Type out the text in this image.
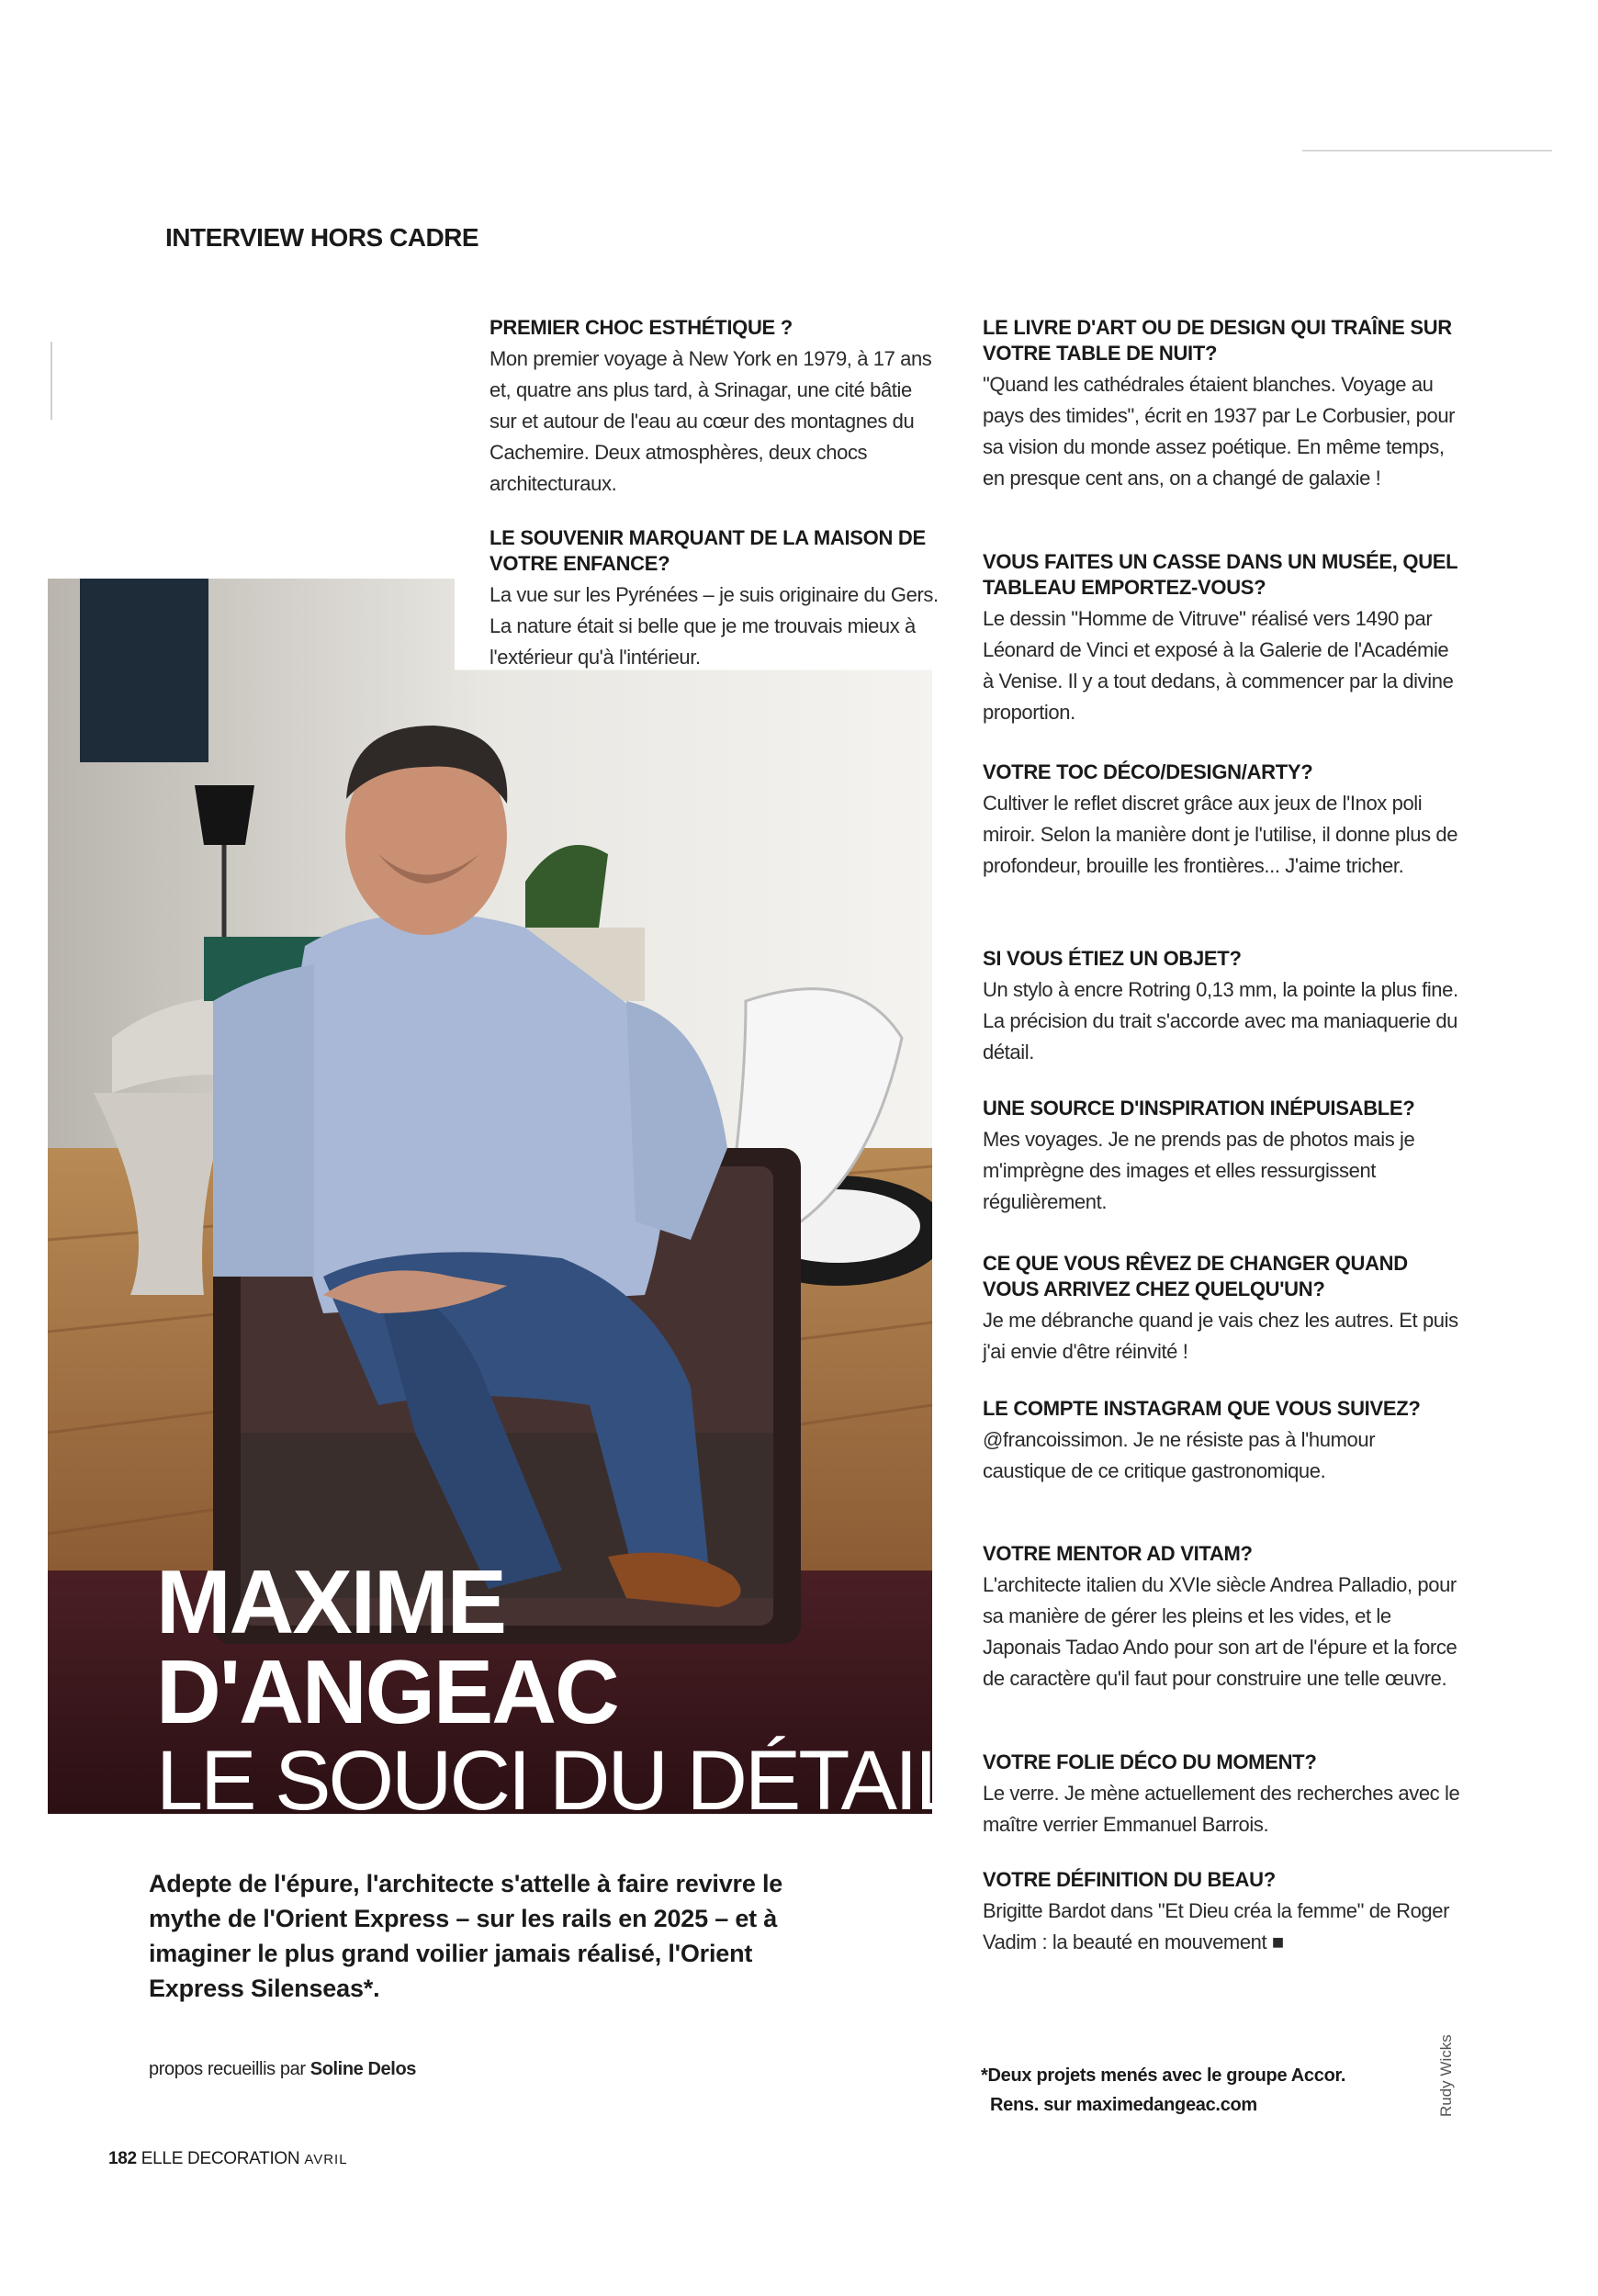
INTERVIEW HORS CADRE

PREMIER CHOC ESTHÉTIQUE ?

Mon premier voyage à New York en 1979, à 17 ans et, quatre ans plus tard, à Srinagar, une cité bâtie sur et autour de l'eau au cœur des montagnes du Cachemire. Deux atmosphères, deux chocs architecturaux.

LE SOUVENIR MARQUANT DE LA MAISON DE VOTRE ENFANCE?

La vue sur les Pyrénées – je suis originaire du Gers. La nature était si belle que je me trouvais mieux à l'extérieur qu'à l'intérieur.

MAXIME

D'ANGEAC

LE SOUCI DU DÉTAIL

LE LIVRE D'ART OU DE DESIGN QUI TRAÎNE SUR VOTRE TABLE DE NUIT?

"Quand les cathédrales étaient blanches. Voyage au pays des timides", écrit en 1937 par Le Corbusier, pour sa vision du monde assez poétique. En même temps, en presque cent ans, on a changé de galaxie !

VOUS FAITES UN CASSE DANS UN MUSÉE, QUEL TABLEAU EMPORTEZ-VOUS?

Le dessin "Homme de Vitruve" réalisé vers 1490 par Léonard de Vinci et exposé à la Galerie de l'Académie à Venise. Il y a tout dedans, à commencer par la divine proportion.

VOTRE TOC DÉCO/DESIGN/ARTY?

Cultiver le reflet discret grâce aux jeux de l'Inox poli miroir. Selon la manière dont je l'utilise, il donne plus de profondeur, brouille les frontières... J'aime tricher.

SI VOUS ÉTIEZ UN OBJET?

Un stylo à encre Rotring 0,13 mm, la pointe la plus fine. La précision du trait s'accorde avec ma maniaquerie du détail.

UNE SOURCE D'INSPIRATION INÉPUISABLE?

Mes voyages. Je ne prends pas de photos mais je m'imprègne des images et elles ressurgissent régulièrement.

CE QUE VOUS RÊVEZ DE CHANGER QUAND VOUS ARRIVEZ CHEZ QUELQU'UN?

Je me débranche quand je vais chez les autres. Et puis j'ai envie d'être réinvité !

LE COMPTE INSTAGRAM QUE VOUS SUIVEZ?

@francoissimon. Je ne résiste pas à l'humour caustique de ce critique gastronomique.

VOTRE MENTOR AD VITAM?

L'architecte italien du XVIe siècle Andrea Palladio, pour sa manière de gérer les pleins et les vides, et le Japonais Tadao Ando pour son art de l'épure et la force de caractère qu'il faut pour construire une telle œuvre.

VOTRE FOLIE DÉCO DU MOMENT?

Le verre. Je mène actuellement des recherches avec le maître verrier Emmanuel Barrois.

VOTRE DÉFINITION DU BEAU?

Brigitte Bardot dans "Et Dieu créa la femme" de Roger Vadim : la beauté en mouvement ■

Adepte de l'épure, l'architecte s'attelle à faire revivre le mythe de l'Orient Express – sur les rails en 2025 – et à imaginer le plus grand voilier jamais réalisé, l'Orient Express Silenseas*.
propos recueillis par Soline Delos	*Deux projets menés avec le groupe Accor.
Rens. sur maximedangeac.com	Rudy Wicks
182 ELLE DECORATION AVRIL
